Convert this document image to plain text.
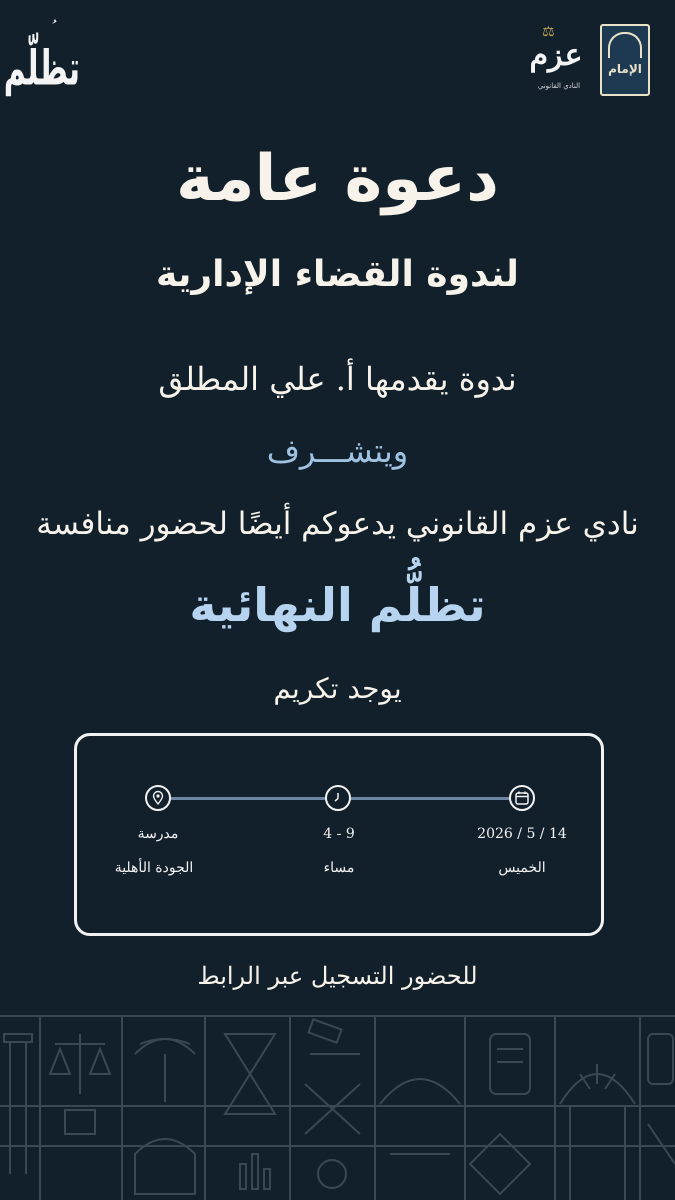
تظلّم
⚖
عزم
النادي القانوني
الإمام
دعوة عامة
لندوة القضاء الإدارية
ندوة يقدمها أ. علي المطلق
ويتشـــرف
نادي عزم القانوني يدعوكم أيضًا لحضور منافسة
تظلُّم النهائية
يوجد تكريم
14 / 5 / 2026
الخميس
9 - 4
مساء
مدرسة
الجودة الأهلية
للحضور التسجيل عبر الرابط
